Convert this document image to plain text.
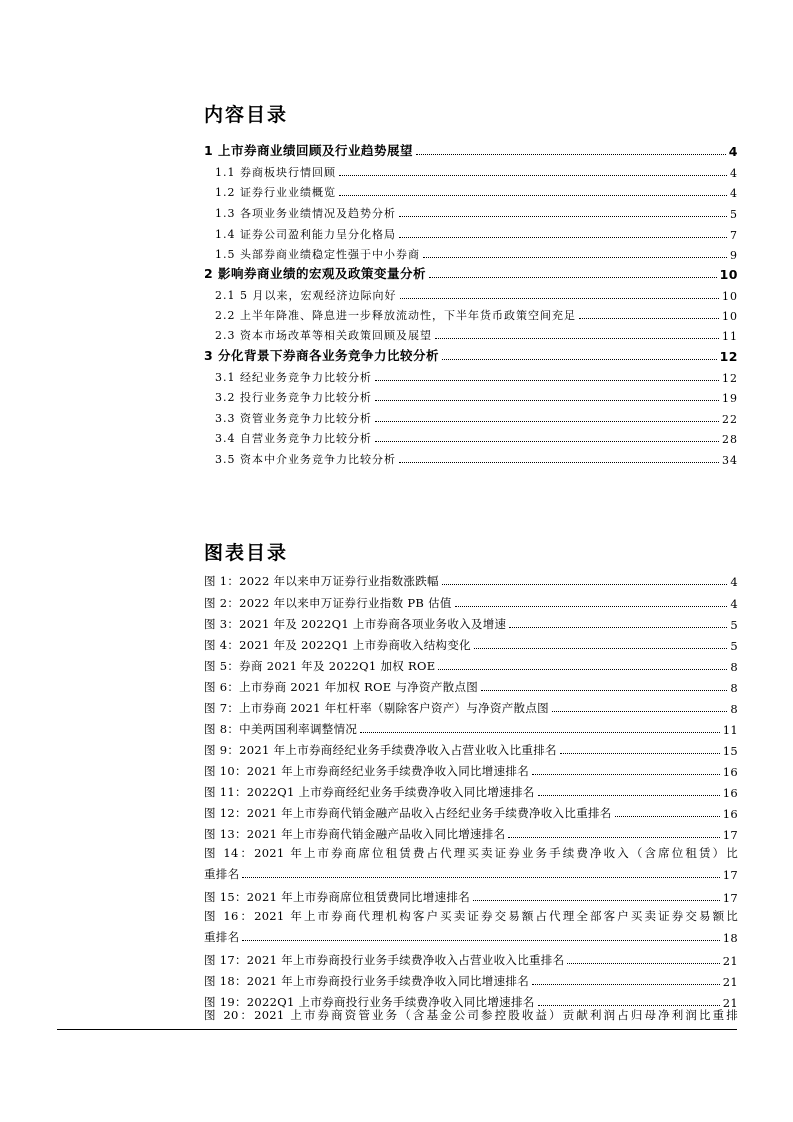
内容目录
1 上市券商业绩回顾及行业趋势展望	4
1.1 券商板块行情回顾	4
1.2 证券行业业绩概览	4
1.3 各项业务业绩情况及趋势分析	5
1.4 证券公司盈利能力呈分化格局	7
1.5 头部券商业绩稳定性强于中小券商	9
2 影响券商业绩的宏观及政策变量分析	10
2.1 5 月以来，宏观经济边际向好	10
2.2 上半年降准、降息进一步释放流动性，下半年货币政策空间充足	10
2.3 资本市场改革等相关政策回顾及展望	11
3 分化背景下券商各业务竞争力比较分析	12
3.1 经纪业务竞争力比较分析	12
3.2 投行业务竞争力比较分析	19
3.3 资管业务竞争力比较分析	22
3.4 自营业务竞争力比较分析	28
3.5 资本中介业务竞争力比较分析	34
图表目录
图 1：2022 年以来申万证券行业指数涨跌幅	4
图 2：2022 年以来申万证券行业指数 PB 估值	4
图 3：2021 年及 2022Q1 上市券商各项业务收入及增速	5
图 4：2021 年及 2022Q1 上市券商收入结构变化	5
图 5：券商 2021 年及 2022Q1 加权 ROE	8
图 6：上市券商 2021 年加权 ROE 与净资产散点图	8
图 7：上市券商 2021 年杠杆率（剔除客户资产）与净资产散点图	8
图 8：中美两国利率调整情况	11
图 9：2021 年上市券商经纪业务手续费净收入占营业收入比重排名	15
图 10：2021 年上市券商经纪业务手续费净收入同比增速排名	16
图 11：2022Q1 上市券商经纪业务手续费净收入同比增速排名	16
图 12：2021 年上市券商代销金融产品收入占经纪业务手续费净收入比重排名	16
图 13：2021 年上市券商代销金融产品收入同比增速排名	17
图 14：2021 年上市券商席位租赁费占代理买卖证券业务手续费净收入（含席位租赁）比
重排名	17
图 15：2021 年上市券商席位租赁费同比增速排名	17
图 16：2021 年上市券商代理机构客户买卖证券交易额占代理全部客户买卖证券交易额比
重排名	18
图 17：2021 年上市券商投行业务手续费净收入占营业收入比重排名	21
图 18：2021 年上市券商投行业务手续费净收入同比增速排名	21
图 19：2022Q1 上市券商投行业务手续费净收入同比增速排名	21
图 20：2021 上市券商资管业务（含基金公司参控股收益）贡献利润占归母净利润比重排
